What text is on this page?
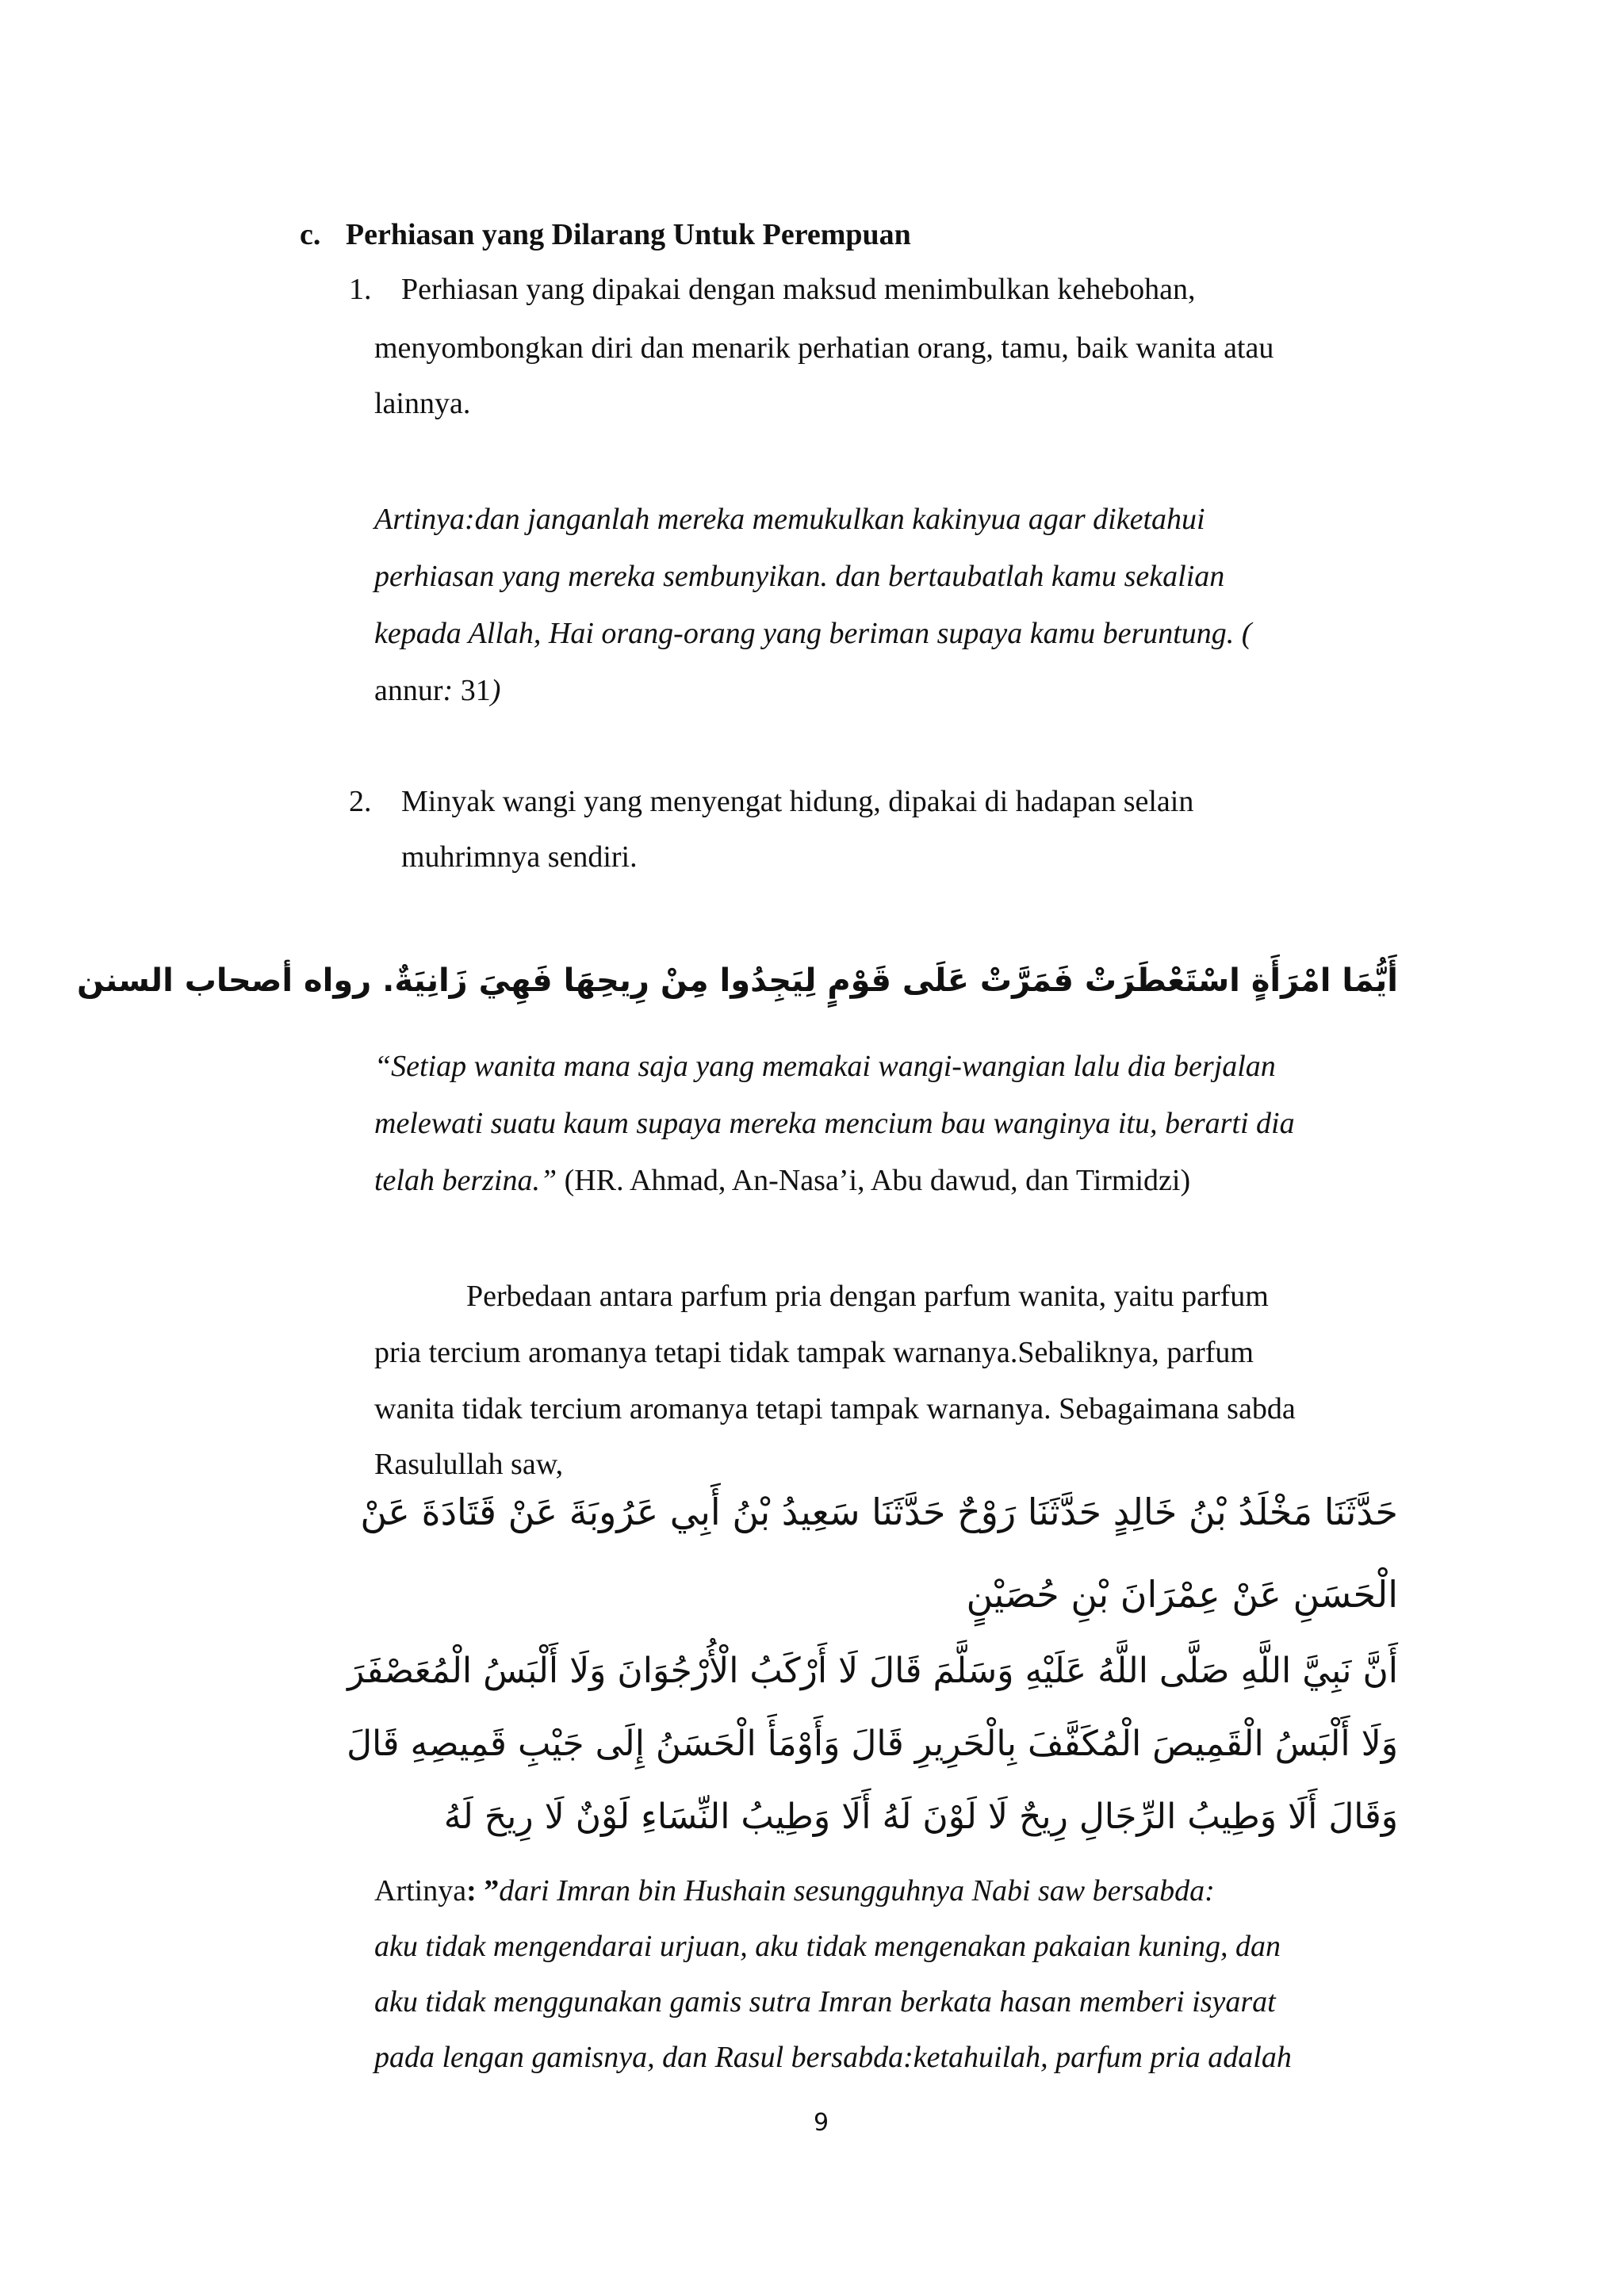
c. Perhiasan yang Dilarang Untuk Perempuan
1. Perhiasan yang dipakai dengan maksud menimbulkan kehebohan,
menyombongkan diri dan menarik perhatian orang, tamu, baik wanita atau
lainnya.
Artinya:dan janganlah mereka memukulkan kakinyua agar diketahui
perhiasan yang mereka sembunyikan. dan bertaubatlah kamu sekalian
kepada Allah, Hai orang-orang yang beriman supaya kamu beruntung. (
annur: 31)
2. Minyak wangi yang menyengat hidung, dipakai di hadapan selain
muhrimnya sendiri.
أَيُّمَا امْرَأَةٍ اسْتَعْطَرَتْ فَمَرَّتْ عَلَى قَوْمٍ لِيَجِدُوا مِنْ رِيحِهَا فَهِيَ زَانِيَةٌ. رواه أصحاب السنن
“Setiap wanita mana saja yang memakai wangi-wangian lalu dia berjalan
melewati suatu kaum supaya mereka mencium bau wanginya itu, berarti dia
telah berzina.” (HR. Ahmad, An-Nasa’i, Abu dawud, dan Tirmidzi)
Perbedaan antara parfum pria dengan parfum wanita, yaitu parfum
pria tercium aromanya tetapi tidak tampak warnanya.Sebaliknya, parfum
wanita tidak tercium aromanya tetapi tampak warnanya. Sebagaimana sabda
Rasulullah saw,
حَدَّثَنَا مَخْلَدُ بْنُ خَالِدٍ حَدَّثَنَا رَوْحٌ حَدَّثَنَا سَعِيدُ بْنُ أَبِي عَرُوبَةَ عَنْ قَتَادَةَ عَنْ
الْحَسَنِ عَنْ عِمْرَانَ بْنِ حُصَيْنٍ
أَنَّ نَبِيَّ اللَّهِ صَلَّى اللَّهُ عَلَيْهِ وَسَلَّمَ قَالَ لَا أَرْكَبُ الْأُرْجُوَانَ وَلَا أَلْبَسُ الْمُعَصْفَرَ
وَلَا أَلْبَسُ الْقَمِيصَ الْمُكَفَّفَ بِالْحَرِيرِ قَالَ وَأَوْمَأَ الْحَسَنُ إِلَى جَيْبِ قَمِيصِهِ قَالَ
وَقَالَ أَلَا وَطِيبُ الرِّجَالِ رِيحٌ لَا لَوْنَ لَهُ أَلَا وَطِيبُ النِّسَاءِ لَوْنٌ لَا رِيحَ لَهُ
Artinya: ”dari Imran bin Hushain sesungguhnya Nabi saw bersabda:
aku tidak mengendarai urjuan, aku tidak mengenakan pakaian kuning, dan
aku tidak menggunakan gamis sutra Imran berkata hasan memberi isyarat
pada lengan gamisnya, dan Rasul bersabda:ketahuilah, parfum pria adalah
9
